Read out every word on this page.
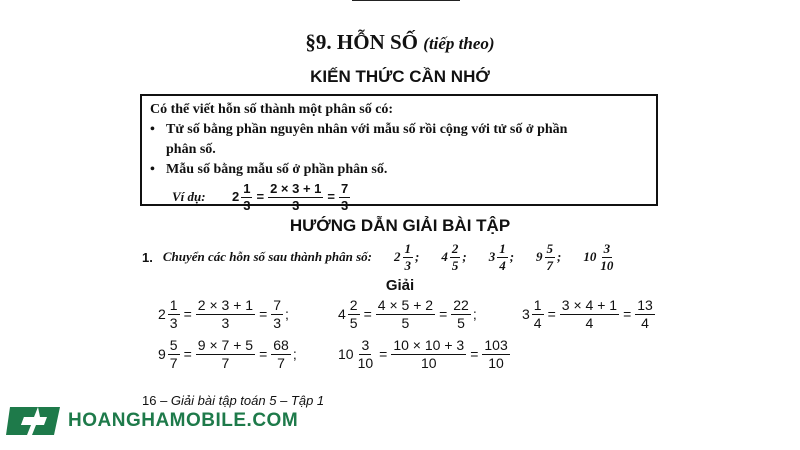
§9. HỖN SỐ (tiếp theo)
KIẾN THỨC CẦN NHỚ
Có thể viết hỗn số thành một phân số có:
• Tử số bằng phần nguyên nhân với mẫu số rồi cộng với tử số ở phần
phân số.
• Mẫu số bằng mẫu số ở phần phân số.
Ví dụ:	$2 \frac{1}{3} = \frac{2 \times 3 + 1}{3} = \frac{7}{3}$
HƯỚNG DẪN GIẢI BÀI TẬP
1. Chuyển các hỗn số sau thành phân số: $2 \frac{1}{3}$ ; $4 \frac{2}{5}$ ; $3 \frac{1}{4}$ ; $9 \frac{5}{7}$ ; $10 \frac{3}{10}$
Giải
$2 \frac{1}{3} = \frac{2 \times 3 + 1}{3} = \frac{7}{3}$ ;	$4 \frac{2}{5} = \frac{4 \times 5 + 2}{5} = \frac{22}{5}$ ;	$3 \frac{1}{4} = \frac{3 \times 4 + 1}{4} = \frac{13}{4}$
$9 \frac{5}{7} = \frac{9 \times 7 + 5}{7} = \frac{68}{7}$ ;	$10 \frac{3}{10} = \frac{10 \times 10 + 3}{10} = \frac{103}{10}$
16 – Giải bài tập toán 5 – Tập 1
HOANGHAMOBILE.COM
